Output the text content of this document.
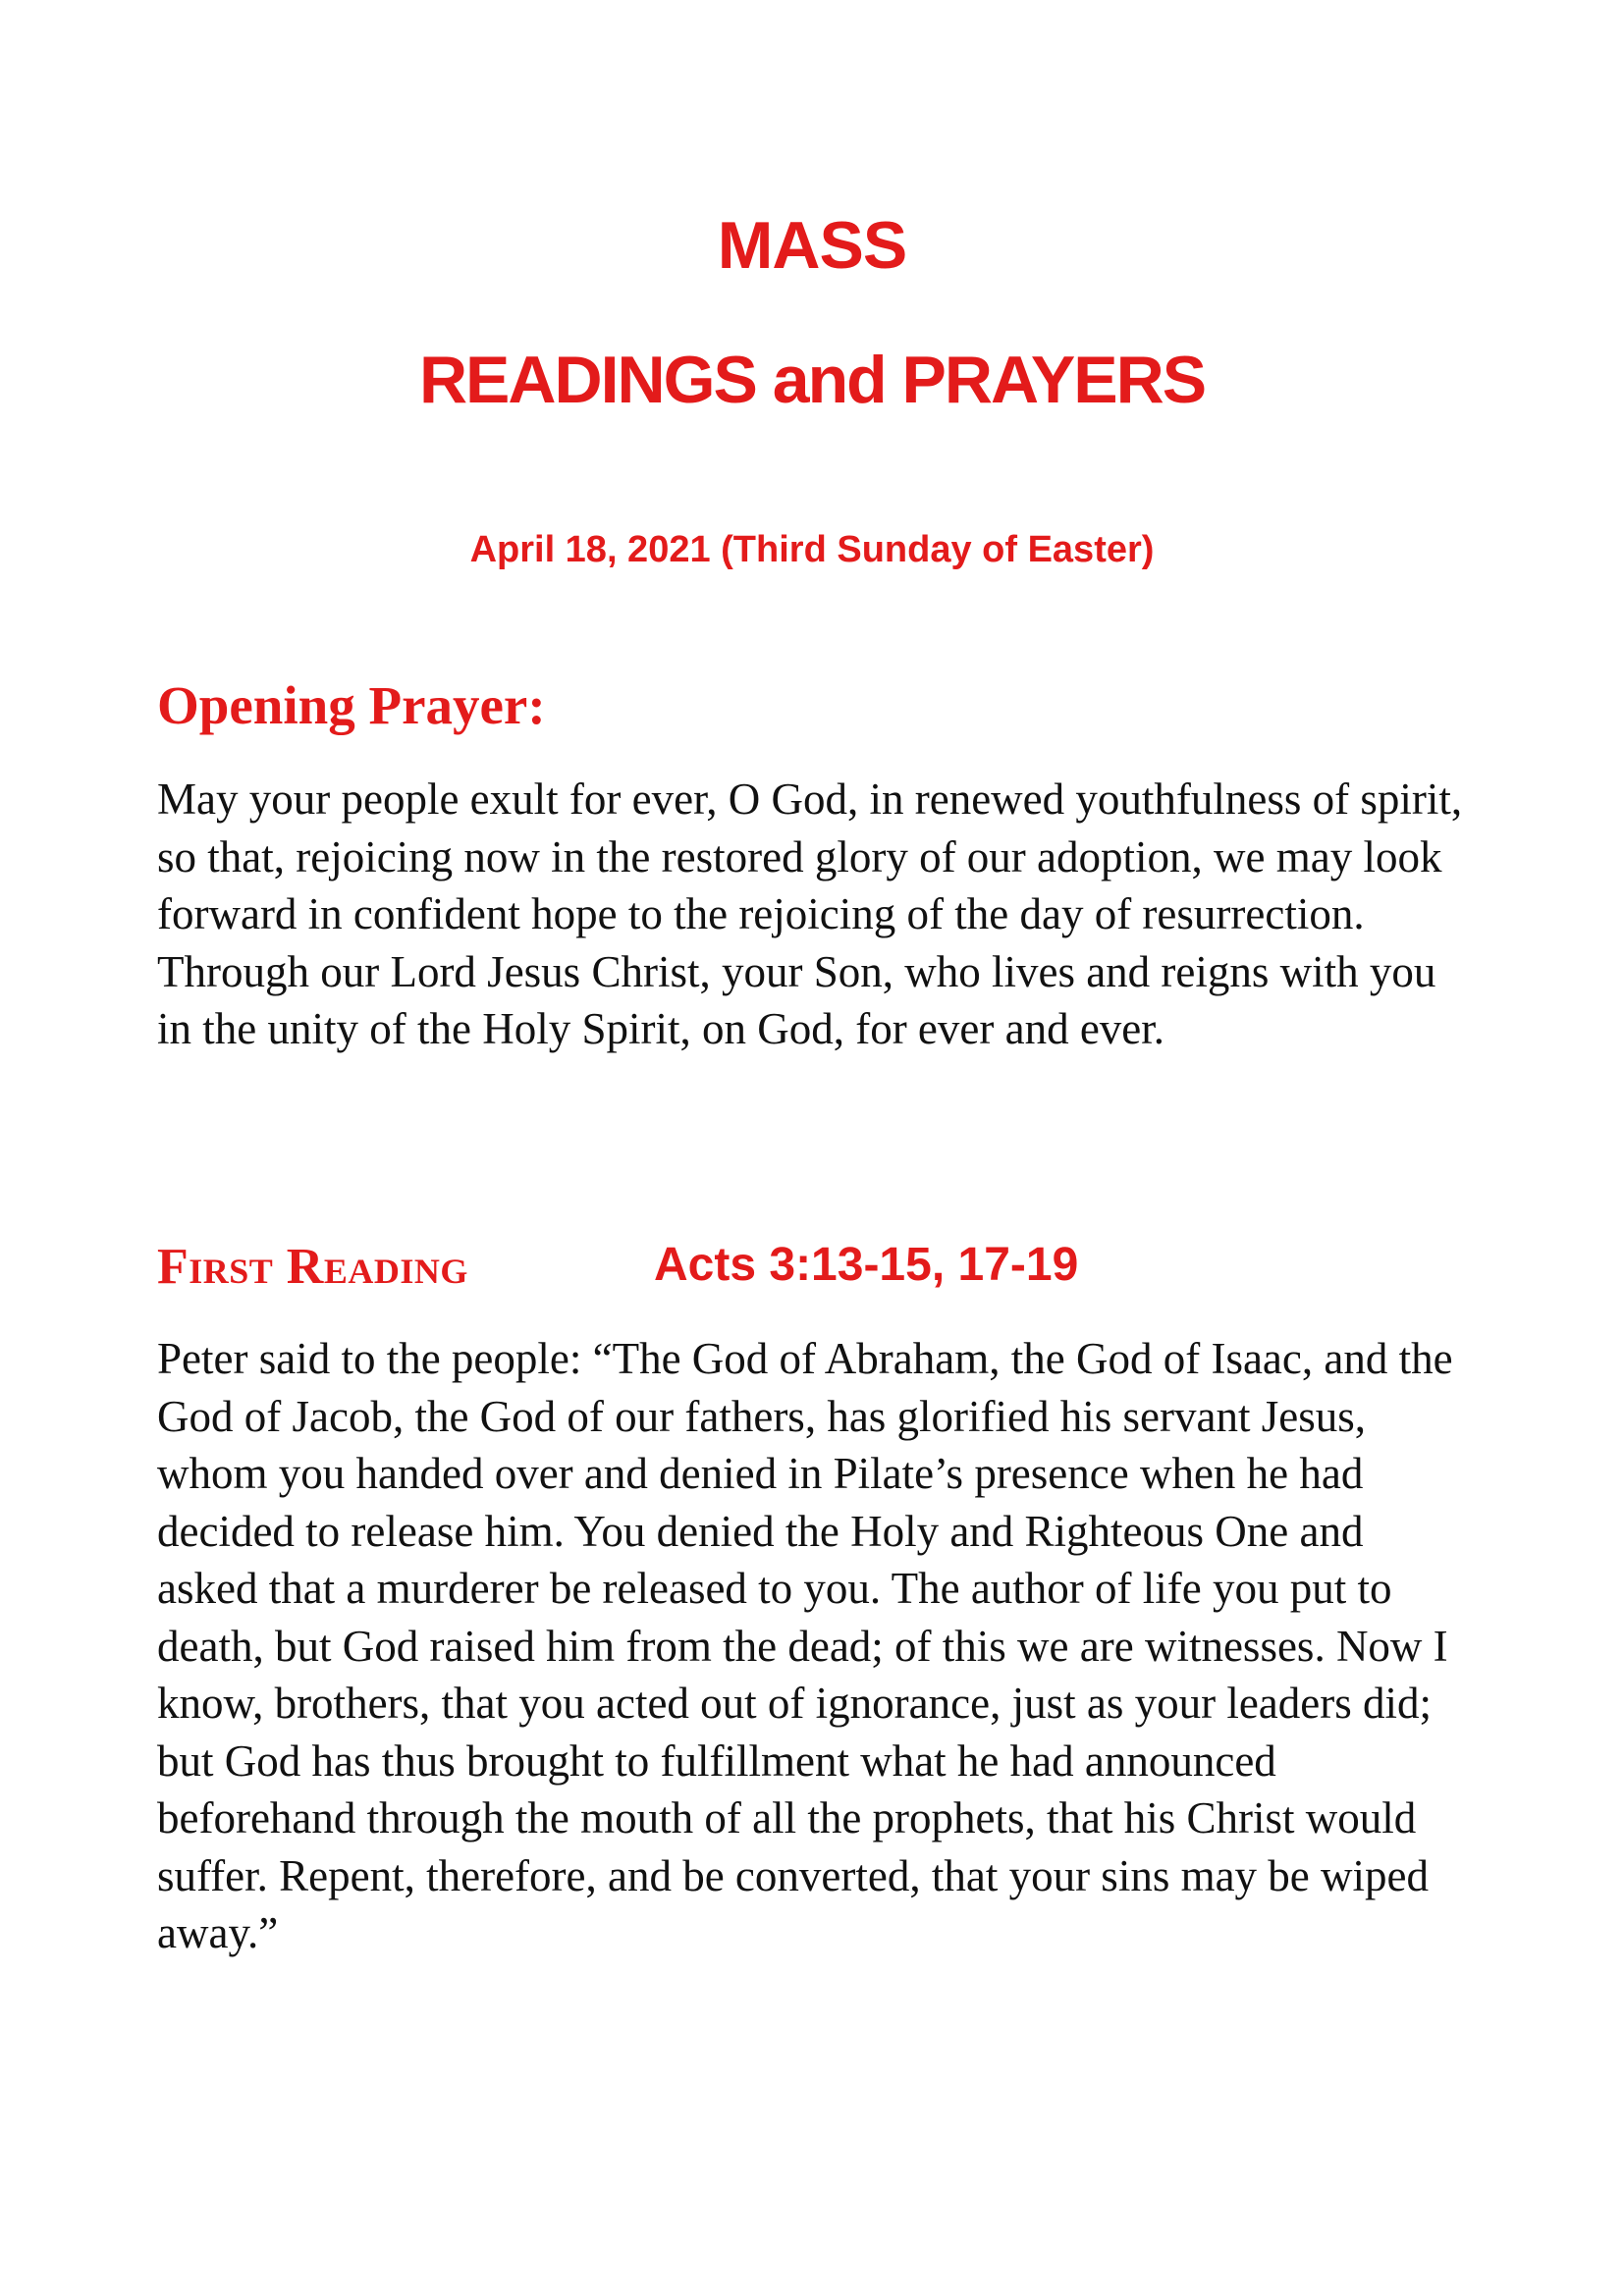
MASS
READINGS and PRAYERS

April 18, 2021 (Third Sunday of Easter)

Opening Prayer:

May your people exult for ever, O God, in renewed youthfulness of spirit, so that, rejoicing now in the restored glory of our adoption, we may look forward in confident hope to the rejoicing of the day of resurrection. Through our Lord Jesus Christ, your Son, who lives and reigns with you in the unity of the Holy Spirit, on God, for ever and ever.

First Reading	Acts 3:13-15, 17-19

Peter said to the people: “The God of Abraham, the God of Isaac, and the God of Jacob, the God of our fathers, has glorified his servant Jesus, whom you handed over and denied in Pilate’s presence when he had decided to release him. You denied the Holy and Righteous One and asked that a murderer be released to you. The author of life you put to death, but God raised him from the dead; of this we are witnesses. Now I know, brothers, that you acted out of ignorance, just as your leaders did; but God has thus brought to fulfillment what he had announced beforehand through the mouth of all the prophets, that his Christ would suffer. Repent, therefore, and be converted, that your sins may be wiped away.”
